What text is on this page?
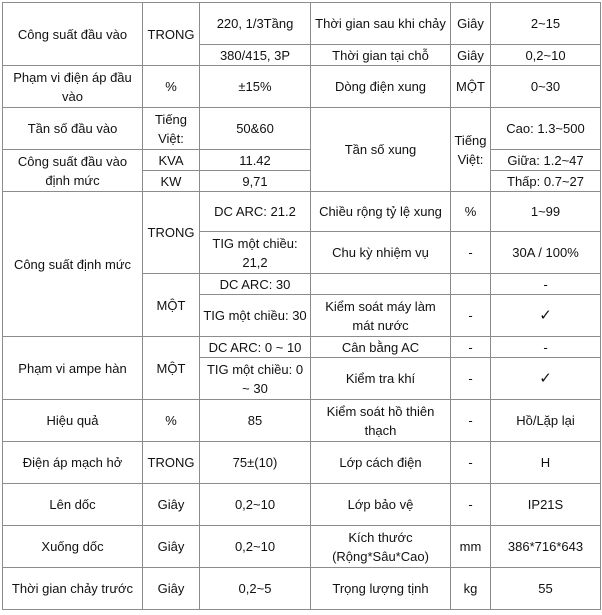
Công suất đầu vào	TRONG	220, 1/3Tầng	Thời gian sau khi chảy	Giây	2~15
		380/415, 3P	Thời gian tại chỗ	Giây	0,2~10
Phạm vi điện áp đầu vào	%	±15%	Dòng điện xung	MỘT	0~30
Tần số đầu vào	Tiếng Việt:	50&60	Tần số xung	Tiếng Việt:	Cao: 1.3~500
Công suất đầu vào định mức	KVA	11.42			Giữa: 1.2~47
	KW	9,71			Thấp: 0.7~27
Công suất định mức	TRONG	DC ARC: 21.2	Chiều rộng tỷ lệ xung	%	1~99
		TIG một chiều: 21,2	Chu kỳ nhiệm vụ	-	30A / 100%
	MỘT	DC ARC: 30			-
		TIG một chiều: 30	Kiểm soát máy làm mát nước	-	✓
Phạm vi ampe hàn	MỘT	DC ARC: 0 ~ 10	Cân bằng AC	-	-
		TIG một chiều: 0 ~ 30	Kiểm tra khí	-	✓
Hiệu quả	%	85	Kiểm soát hồ thiên thạch	-	Hồ/Lặp lại
Điện áp mạch hở	TRONG	75±(10)	Lớp cách điện	-	H
Lên dốc	Giây	0,2~10	Lớp bảo vệ	-	IP21S
Xuống dốc	Giây	0,2~10	Kích thước (Rộng*Sâu*Cao)	mm	386*716*643
Thời gian chảy trước	Giây	0,2~5	Trọng lượng tịnh	kg	55
